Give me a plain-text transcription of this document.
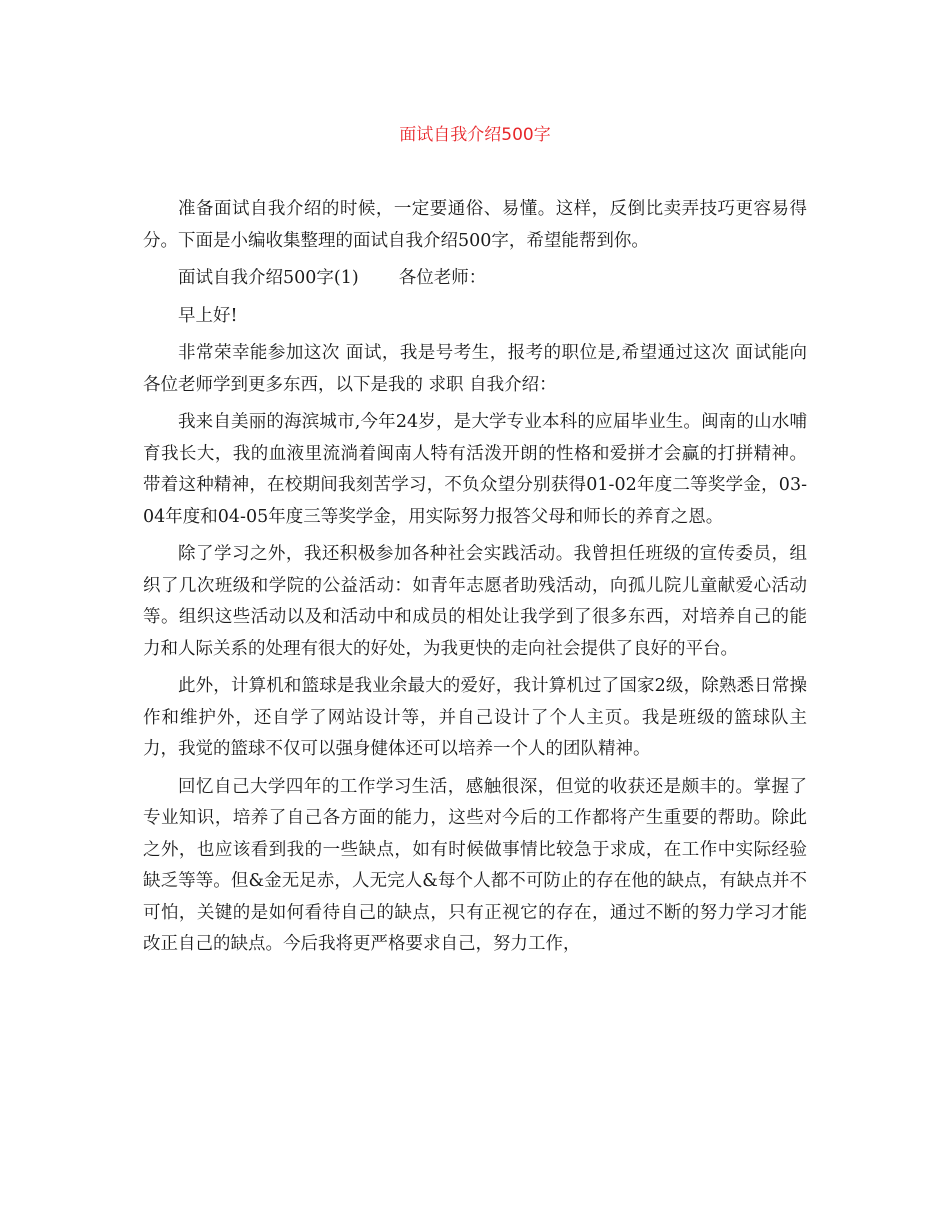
面试自我介绍500字

准备面试自我介绍的时候，一定要通俗、易懂。这样，反倒比卖弄技巧更容易得分。下面是小编收集整理的面试自我介绍500字，希望能帮到你。

面试自我介绍500字(1) 各位老师：

早上好!

非常荣幸能参加这次 面试，我是号考生，报考的职位是,希望通过这次 面试能向各位老师学到更多东西，以下是我的 求职 自我介绍：

我来自美丽的海滨城市,今年24岁，是大学专业本科的应届毕业生。闽南的山水哺育我长大，我的血液里流淌着闽南人特有活泼开朗的性格和爱拼才会赢的打拼精神。带着这种精神，在校期间我刻苦学习，不负众望分别获得01-02年度二等奖学金，03-04年度和04-05年度三等奖学金，用实际努力报答父母和师长的养育之恩。

除了学习之外，我还积极参加各种社会实践活动。我曾担任班级的宣传委员，组织了几次班级和学院的公益活动：如青年志愿者助残活动，向孤儿院儿童献爱心活动等。组织这些活动以及和活动中和成员的相处让我学到了很多东西，对培养自己的能力和人际关系的处理有很大的好处，为我更快的走向社会提供了良好的平台。

此外，计算机和篮球是我业余最大的爱好，我计算机过了国家2级，除熟悉日常操作和维护外，还自学了网站设计等，并自己设计了个人主页。我是班级的篮球队主力，我觉的篮球不仅可以强身健体还可以培养一个人的团队精神。

回忆自己大学四年的工作学习生活，感触很深，但觉的收获还是颇丰的。掌握了专业知识，培养了自己各方面的能力，这些对今后的工作都将产生重要的帮助。除此之外，也应该看到我的一些缺点，如有时候做事情比较急于求成，在工作中实际经验缺乏等等。但&金无足赤，人无完人&每个人都不可防止的存在他的缺点，有缺点并不可怕，关键的是如何看待自己的缺点，只有正视它的存在，通过不断的努力学习才能改正自己的缺点。今后我将更严格要求自己，努力工作，
